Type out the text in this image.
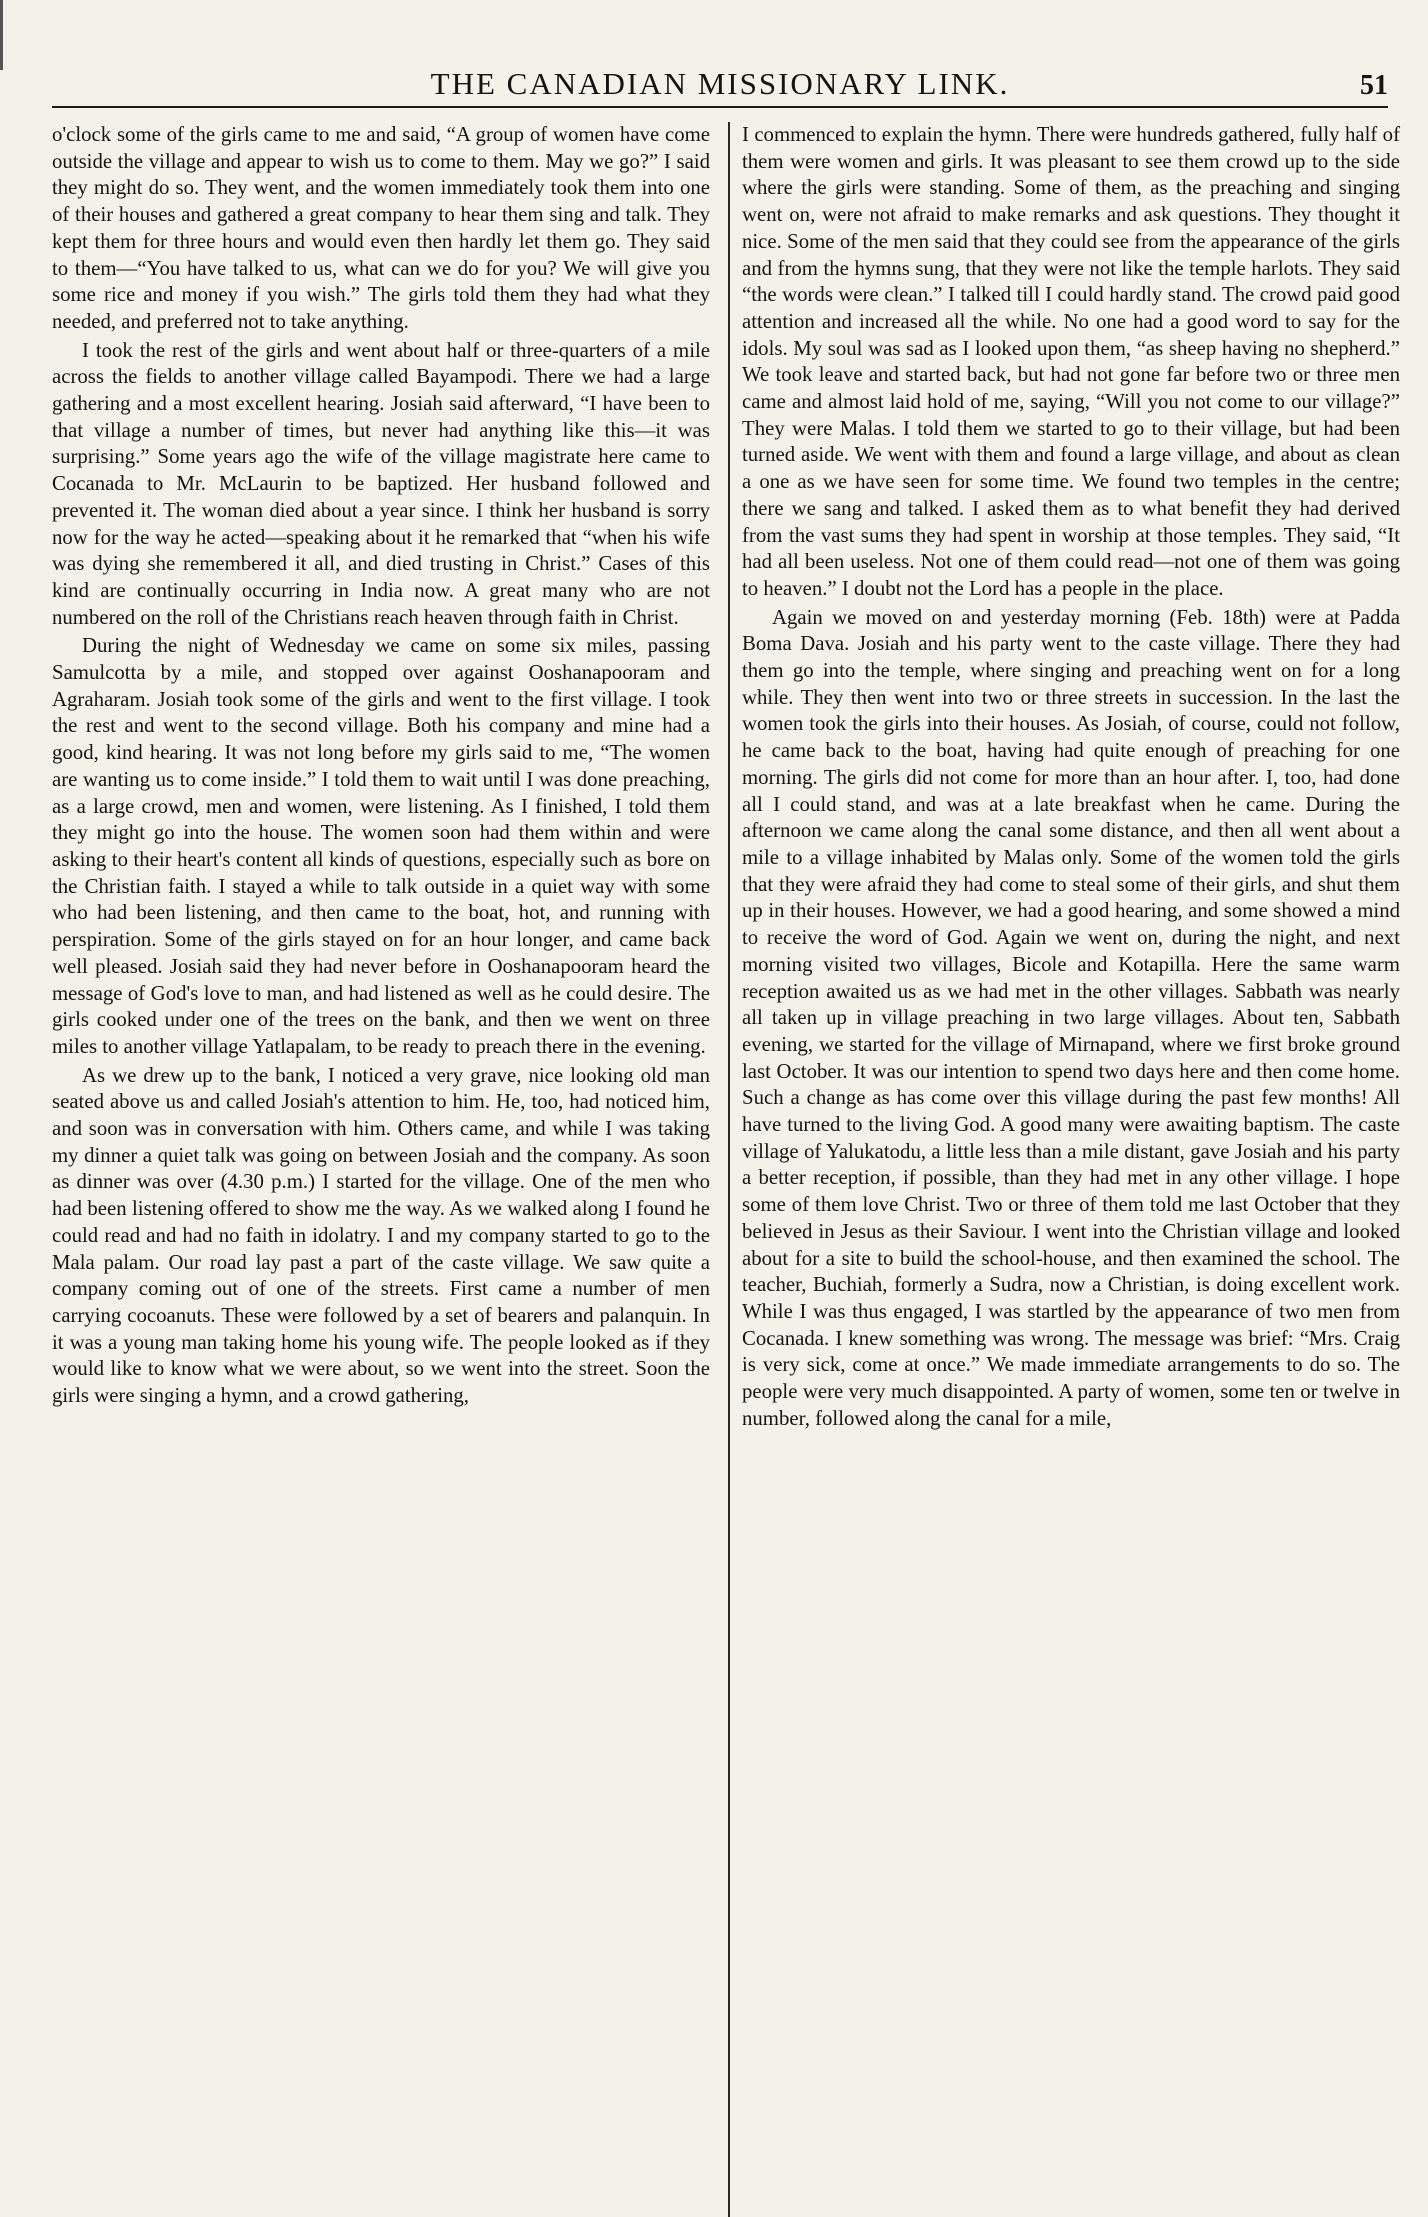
THE CANADIAN MISSIONARY LINK.	51

o'clock some of the girls came to me and said, “A group of women have come outside the village and appear to wish us to come to them. May we go?” I said they might do so. They went, and the women immediately took them into one of their houses and gathered a great company to hear them sing and talk. They kept them for three hours and would even then hardly let them go. They said to them—“You have talked to us, what can we do for you? We will give you some rice and money if you wish.” The girls told them they had what they needed, and preferred not to take anything.

I took the rest of the girls and went about half or three-quarters of a mile across the fields to another village called Bayampodi. There we had a large gathering and a most excellent hearing. Josiah said afterward, “I have been to that village a number of times, but never had anything like this—it was surprising.” Some years ago the wife of the village magistrate here came to Cocanada to Mr. McLaurin to be baptized. Her husband followed and prevented it. The woman died about a year since. I think her husband is sorry now for the way he acted—speaking about it he remarked that “when his wife was dying she remembered it all, and died trusting in Christ.” Cases of this kind are continually occurring in India now. A great many who are not numbered on the roll of the Christians reach heaven through faith in Christ.

During the night of Wednesday we came on some six miles, passing Samulcotta by a mile, and stopped over against Ooshanapooram and Agraharam. Josiah took some of the girls and went to the first village. I took the rest and went to the second village. Both his company and mine had a good, kind hearing. It was not long before my girls said to me, “The women are wanting us to come inside.” I told them to wait until I was done preaching, as a large crowd, men and women, were listening. As I finished, I told them they might go into the house. The women soon had them within and were asking to their heart's content all kinds of questions, especially such as bore on the Christian faith. I stayed a while to talk outside in a quiet way with some who had been listening, and then came to the boat, hot, and running with perspiration. Some of the girls stayed on for an hour longer, and came back well pleased. Josiah said they had never before in Ooshanapooram heard the message of God's love to man, and had listened as well as he could desire. The girls cooked under one of the trees on the bank, and then we went on three miles to another village Yatlapalam, to be ready to preach there in the evening.

As we drew up to the bank, I noticed a very grave, nice looking old man seated above us and called Josiah's attention to him. He, too, had noticed him, and soon was in conversation with him. Others came, and while I was taking my dinner a quiet talk was going on between Josiah and the company. As soon as dinner was over (4.30 p.m.) I started for the village. One of the men who had been listening offered to show me the way. As we walked along I found he could read and had no faith in idolatry. I and my company started to go to the Mala palam. Our road lay past a part of the caste village. We saw quite a company coming out of one of the streets. First came a number of men carrying cocoanuts. These were followed by a set of bearers and palanquin. In it was a young man taking home his young wife. The people looked as if they would like to know what we were about, so we went into the street. Soon the girls were singing a hymn, and a crowd gathering,

I commenced to explain the hymn. There were hundreds gathered, fully half of them were women and girls. It was pleasant to see them crowd up to the side where the girls were standing. Some of them, as the preaching and singing went on, were not afraid to make remarks and ask questions. They thought it nice. Some of the men said that they could see from the appearance of the girls and from the hymns sung, that they were not like the temple harlots. They said “the words were clean.” I talked till I could hardly stand. The crowd paid good attention and increased all the while. No one had a good word to say for the idols. My soul was sad as I looked upon them, “as sheep having no shepherd.” We took leave and started back, but had not gone far before two or three men came and almost laid hold of me, saying, “Will you not come to our village?” They were Malas. I told them we started to go to their village, but had been turned aside. We went with them and found a large village, and about as clean a one as we have seen for some time. We found two temples in the centre; there we sang and talked. I asked them as to what benefit they had derived from the vast sums they had spent in worship at those temples. They said, “It had all been useless. Not one of them could read—not one of them was going to heaven.” I doubt not the Lord has a people in the place.

Again we moved on and yesterday morning (Feb. 18th) were at Padda Boma Dava. Josiah and his party went to the caste village. There they had them go into the temple, where singing and preaching went on for a long while. They then went into two or three streets in succession. In the last the women took the girls into their houses. As Josiah, of course, could not follow, he came back to the boat, having had quite enough of preaching for one morning. The girls did not come for more than an hour after. I, too, had done all I could stand, and was at a late breakfast when he came. During the afternoon we came along the canal some distance, and then all went about a mile to a village inhabited by Malas only. Some of the women told the girls that they were afraid they had come to steal some of their girls, and shut them up in their houses. However, we had a good hearing, and some showed a mind to receive the word of God. Again we went on, during the night, and next morning visited two villages, Bicole and Kotapilla. Here the same warm reception awaited us as we had met in the other villages. Sabbath was nearly all taken up in village preaching in two large villages. About ten, Sabbath evening, we started for the village of Mirnapand, where we first broke ground last October. It was our intention to spend two days here and then come home. Such a change as has come over this village during the past few months! All have turned to the living God. A good many were awaiting baptism. The caste village of Yalukatodu, a little less than a mile distant, gave Josiah and his party a better reception, if possible, than they had met in any other village. I hope some of them love Christ. Two or three of them told me last October that they believed in Jesus as their Saviour. I went into the Christian village and looked about for a site to build the school-house, and then examined the school. The teacher, Buchiah, formerly a Sudra, now a Christian, is doing excellent work. While I was thus engaged, I was startled by the appearance of two men from Cocanada. I knew something was wrong. The message was brief: “Mrs. Craig is very sick, come at once.” We made immediate arrangements to do so. The people were very much disappointed. A party of women, some ten or twelve in number, followed along the canal for a mile,
